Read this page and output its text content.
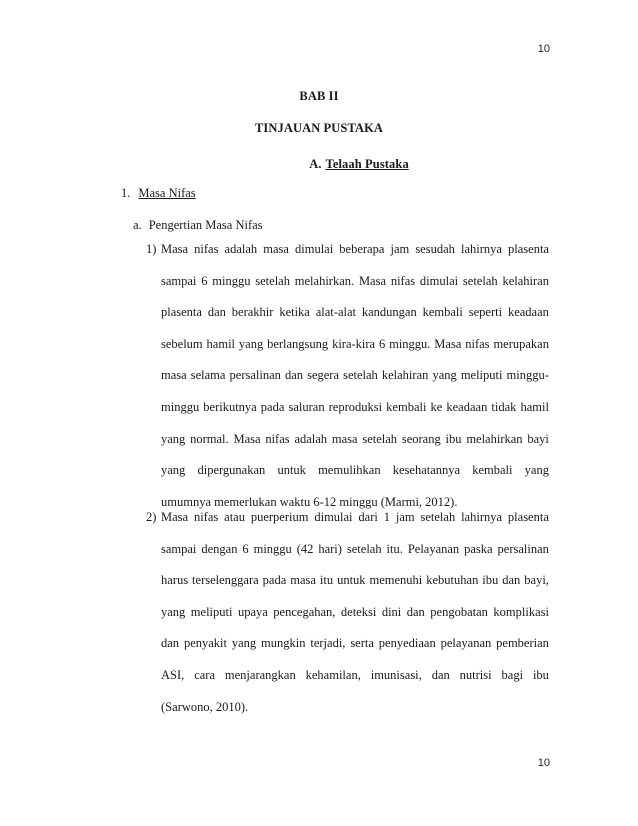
10
BAB II
TINJAUAN PUSTAKA
A. Telaah Pustaka
1. Masa Nifas
a. Pengertian Masa Nifas
1) Masa nifas adalah masa dimulai beberapa jam sesudah lahirnya plasenta
sampai 6 minggu setelah melahirkan. Masa nifas dimulai setelah kelahiran
plasenta dan berakhir ketika alat-alat kandungan kembali seperti keadaan
sebelum hamil yang berlangsung kira-kira 6 minggu. Masa nifas merupakan
masa selama persalinan dan segera setelah kelahiran yang meliputi minggu-
minggu berikutnya pada saluran reproduksi kembali ke keadaan tidak hamil
yang normal. Masa nifas adalah masa setelah seorang ibu melahirkan bayi
yang dipergunakan untuk memulihkan kesehatannya kembali yang
umumnya memerlukan waktu 6-12 minggu (Marmi, 2012).
2) Masa nifas atau puerperium dimulai dari 1 jam setelah lahirnya plasenta
sampai dengan 6 minggu (42 hari) setelah itu. Pelayanan paska persalinan
harus terselenggara pada masa itu untuk memenuhi kebutuhan ibu dan bayi,
yang meliputi upaya pencegahan, deteksi dini dan pengobatan komplikasi
dan penyakit yang mungkin terjadi, serta penyediaan pelayanan pemberian
ASI, cara menjarangkan kehamilan, imunisasi, dan nutrisi bagi ibu
(Sarwono, 2010).
10
